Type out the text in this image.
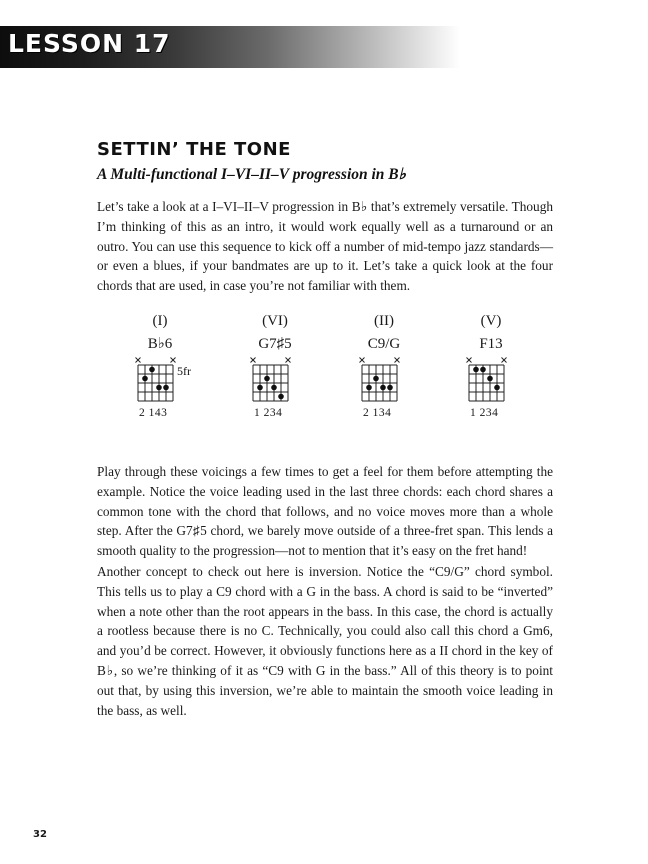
LESSON 17
SETTIN’ THE TONE
A Multi-functional I–VI–II–V progression in B♭

Let’s take a look at a I–VI–II–V progression in B♭ that’s extremely versatile. Though I’m thinking of this as an intro, it would work equally well as a turnaround or an outro. You can use this sequence to kick off a number of mid-tempo jazz standards—or even a blues, if your bandmates are up to it. Let’s take a quick look at the four chords that are used, in case you’re not familiar with them.

(I)
B♭6
5fr
2 143
(VI)
G7♯5
1 234
(II)
C9/G
2 134
(V)
F13
1 234

Play through these voicings a few times to get a feel for them before attempting the example. Notice the voice leading used in the last three chords: each chord shares a common tone with the chord that follows, and no voice moves more than a whole step. After the G7♯5 chord, we barely move outside of a three-fret span. This lends a smooth quality to the progression—not to mention that it’s easy on the fret hand!

Another concept to check out here is inversion. Notice the “C9/G” chord symbol. This tells us to play a C9 chord with a G in the bass. A chord is said to be “inverted” when a note other than the root appears in the bass. In this case, the chord is actually a rootless because there is no C. Technically, you could also call this chord a Gm6, and you’d be correct. However, it obviously functions here as a II chord in the key of B♭, so we’re thinking of it as “C9 with G in the bass.” All of this theory is to point out that, by using this inversion, we’re able to maintain the smooth voice leading in the bass, as well.

32
